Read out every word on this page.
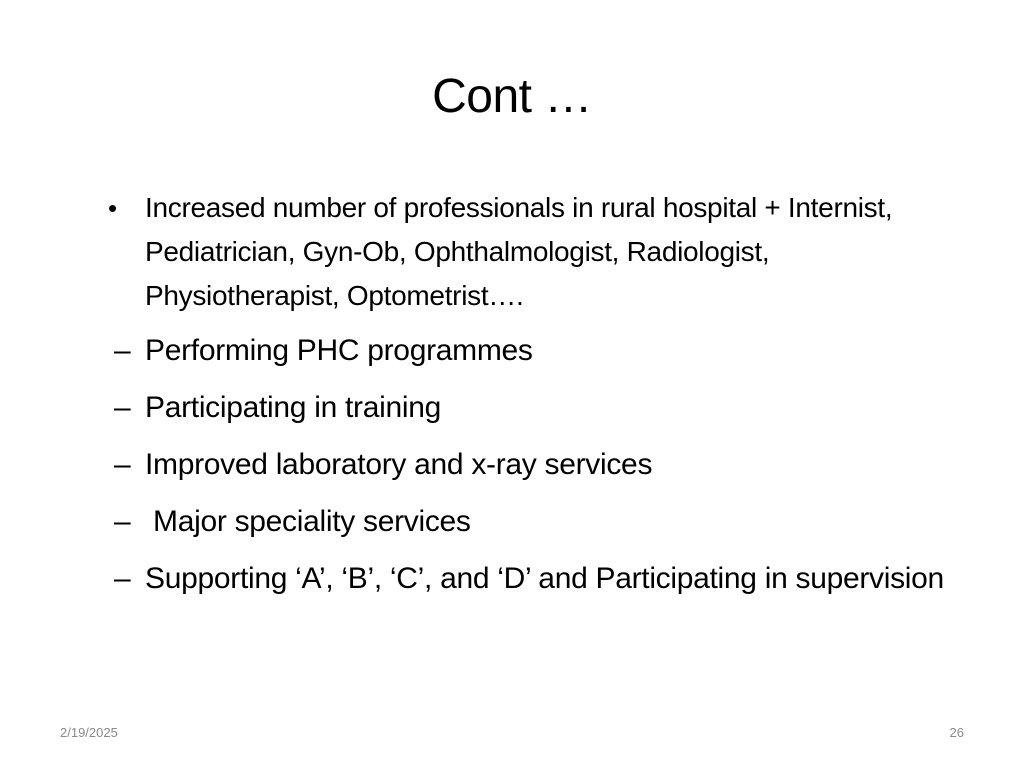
Cont …
• Increased number of professionals in rural hospital + Internist, Pediatrician, Gyn-Ob, Ophthalmologist, Radiologist, Physiotherapist, Optometrist….
– Performing PHC programmes
– Participating in training
– Improved laboratory and x-ray services
– Major speciality services
– Supporting ‘A’, ‘B’, ‘C’, and ‘D’ and Participating in supervision
2/19/2025	26
